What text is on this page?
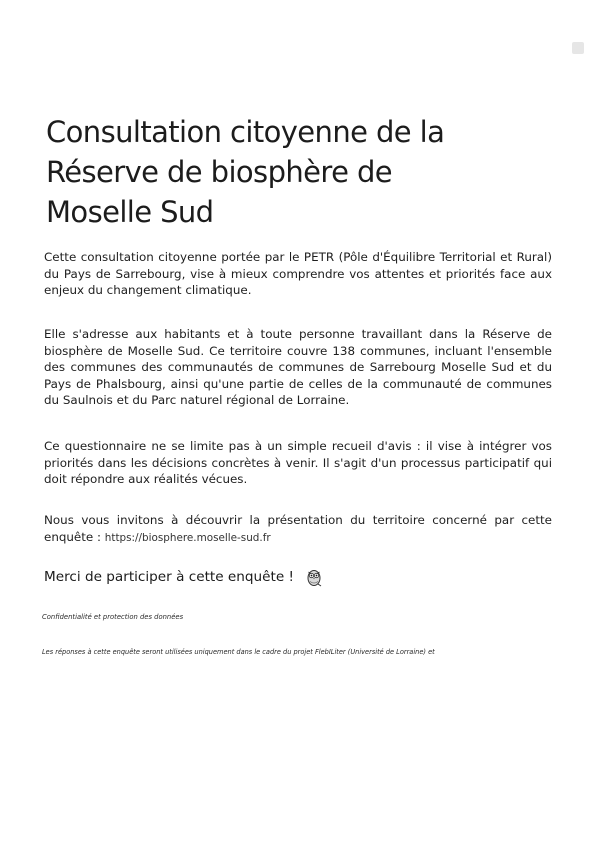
Consultation citoyenne de la
Réserve de biosphère de
Moselle Sud

Cette consultation citoyenne portée par le PETR (Pôle d'Équilibre Territorial et Rural) du Pays de Sarrebourg, vise à mieux comprendre vos attentes et priorités face aux enjeux du changement climatique.

Elle s'adresse aux habitants et à toute personne travaillant dans la Réserve de biosphère de Moselle Sud. Ce territoire couvre 138 communes, incluant l'ensemble des communes des communautés de communes de Sarrebourg Moselle Sud et du Pays de Phalsbourg, ainsi qu'une partie de celles de la communauté de communes du Saulnois et du Parc naturel régional de Lorraine.

Ce questionnaire ne se limite pas à un simple recueil d'avis : il vise à intégrer vos priorités dans les décisions concrètes à venir. Il s'agit d'un processus participatif qui doit répondre aux réalités vécues.

Nous vous invitons à découvrir la présentation du territoire concerné par cette enquête : https://biosphere.moselle-sud.fr

Merci de participer à cette enquête !

Confidentialité et protection des données

Les réponses à cette enquête seront utilisées uniquement dans le cadre du projet FlebILiter (Université de Lorraine) et
